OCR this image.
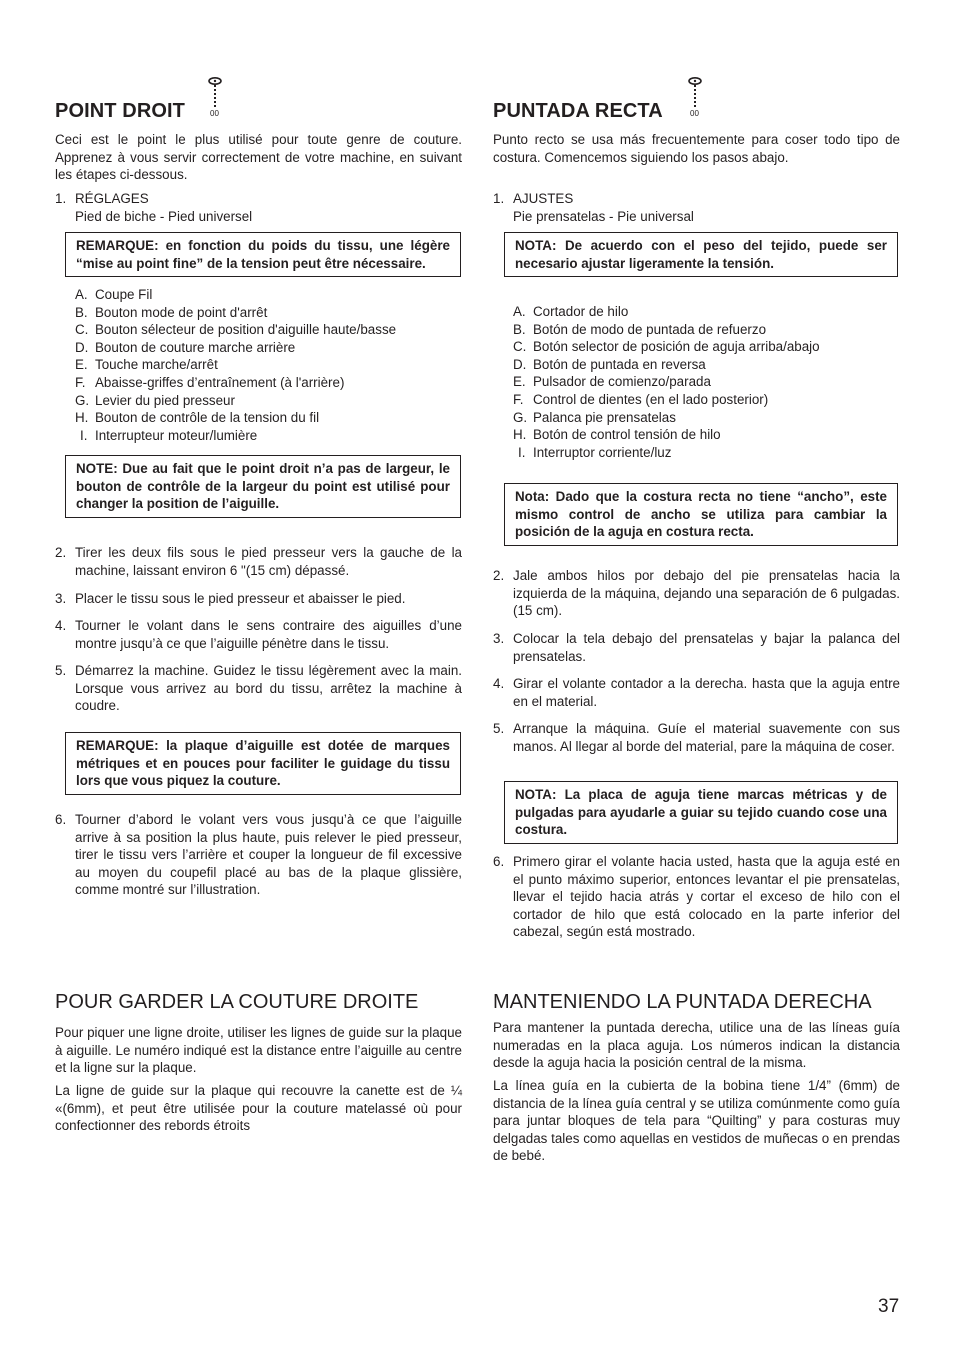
POINT DROIT	00
Ceci est le point le plus utilisé pour toute genre de couture. Apprenez à vous servir correctement de votre machine, en suivant les étapes ci-dessous.
1. RÉGLAGES
Pied de biche - Pied universel
REMARQUE: en fonction du poids du tissu, une légère “mise au point fine” de la tension peut être nécessaire.
A. Coupe Fil
B. Bouton mode de point d'arrêt
C. Bouton sélecteur de position d'aiguille haute/basse
D. Bouton de couture marche arrière
E. Touche marche/arrêt
F. Abaisse-griffes d’entraînement (à l'arrière)
G. Levier du pied presseur
H. Bouton de contrôle de la tension du fil
I. Interrupteur moteur/lumière
NOTE: Due au fait que le point droit n’a pas de largeur, le bouton de contrôle de la largeur du point est utilisé pour changer la position de l’aiguille.
2. Tirer les deux fils sous le pied presseur vers la gauche de la machine, laissant environ 6 "(15 cm) dépassé.
3. Placer le tissu sous le pied presseur et abaisser le pied.
4. Tourner le volant dans le sens contraire des aiguilles d’une montre jusqu’à ce que l’aiguille pénètre dans le tissu.
5. Démarrez la machine. Guidez le tissu légèrement avec la main. Lorsque vous arrivez au bord du tissu, arrêtez la machine à coudre.
REMARQUE: la plaque d’aiguille est dotée de marques métriques et en pouces pour faciliter le guidage du tissu lors que vous piquez la couture.
6. Tourner d’abord le volant vers vous jusqu’à ce que l’aiguille arrive à sa position la plus haute, puis relever le pied presseur, tirer le tissu vers l’arrière et couper la longueur de fil excessive au moyen du coupefil placé au bas de la plaque glissière, comme montré sur l’illustration.
POUR GARDER LA COUTURE DROITE
Pour piquer une ligne droite, utiliser les lignes de guide sur la plaque à aiguille. Le numéro indiqué est la distance entre l’aiguille au centre et la ligne sur la plaque.
La ligne de guide sur la plaque qui recouvre la canette est de ¼ «(6mm), et peut être utilisée pour la couture matelassé où pour confectionner des rebords étroits
PUNTADA RECTA	00
Punto recto se usa más frecuentemente para coser todo tipo de costura. Comencemos siguiendo los pasos abajo.
1. AJUSTES
Pie prensatelas - Pie universal
NOTA: De acuerdo con el peso del tejido, puede ser necesario ajustar ligeramente la tensión.
A. Cortador de hilo
B. Botón de modo de puntada de refuerzo
C. Botón selector de posición de aguja arriba/abajo
D. Botón de puntada en reversa
E. Pulsador de comienzo/parada
F. Control de dientes (en el lado posterior)
G. Palanca pie prensatelas
H. Botón de control tensión de hilo
I. Interruptor corriente/luz
Nota: Dado que la costura recta no tiene “ancho”, este mismo control de ancho se utiliza para cambiar la posición de la aguja en costura recta.
2. Jale ambos hilos por debajo del pie prensatelas hacia la izquierda de la máquina, dejando una separación de 6 pulgadas. (15 cm).
3. Colocar la tela debajo del prensatelas y bajar la palanca del prensatelas.
4. Girar el volante contador a la derecha. hasta que la aguja entre en el material.
5. Arranque la máquina. Guíe el material suavemente con sus manos. Al llegar al borde del material, pare la máquina de coser.
NOTA: La placa de aguja tiene marcas métricas y de pulgadas para ayudarle a guiar su tejido cuando cose una costura.
6. Primero girar el volante hacia usted, hasta que la aguja esté en el punto máximo superior, entonces levantar el pie prensatelas, llevar el tejido hacia atrás y cortar el exceso de hilo con el cortador de hilo que está colocado en la parte inferior del cabezal, según está mostrado.
MANTENIENDO LA PUNTADA DERECHA
Para mantener la puntada derecha, utilice una de las líneas guía numeradas en la placa aguja. Los números indican la distancia desde la aguja hacia la posición central de la misma.
La línea guía en la cubierta de la bobina tiene 1/4” (6mm) de distancia de la línea guía central y se utiliza comúnmente como guía para juntar bloques de tela para “Quilting” y para costuras muy delgadas tales como aquellas en vestidos de muñecas o en prendas de bebé.
37
